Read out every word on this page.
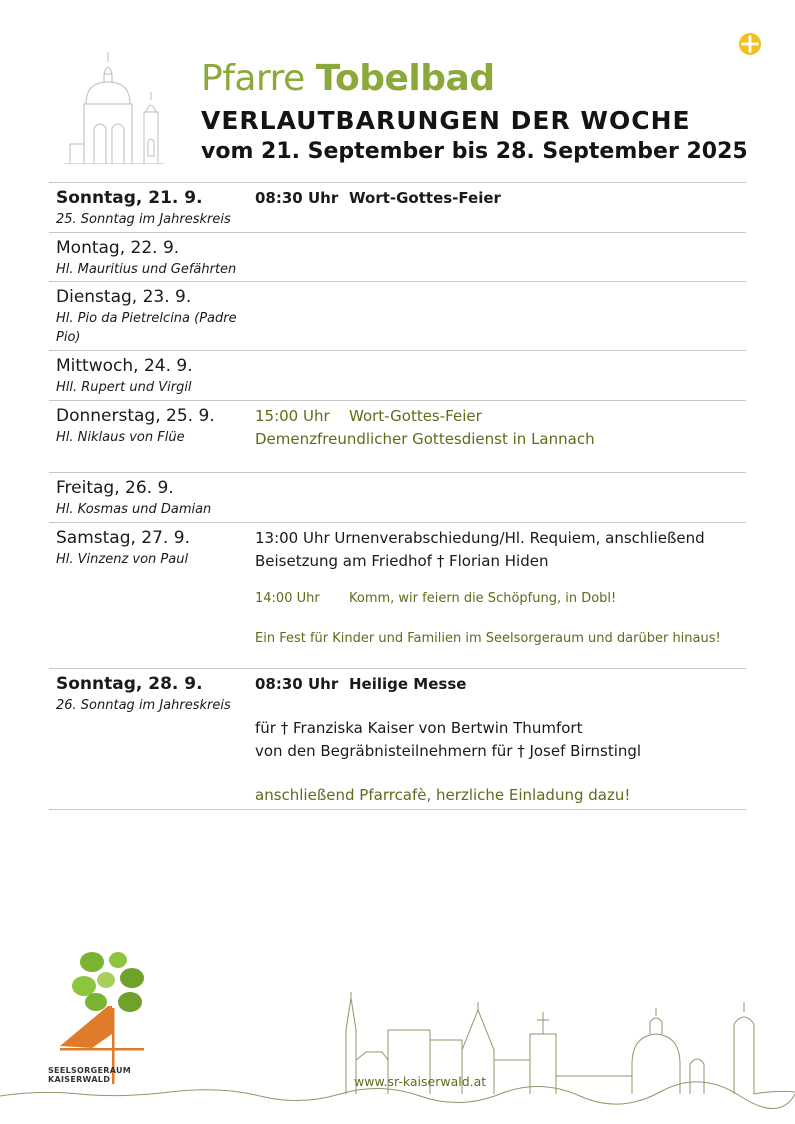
Pfarre Tobelbad
VERLAUTBARUNGEN DER WOCHE
vom 21. September bis 28. September 2025
Sonntag, 21. 9.
25. Sonntag im Jahreskreis
08:30 Uhr Wort-Gottes-Feier
Montag, 22. 9.
Hl. Mauritius und Gefährten
Dienstag, 23. 9.
Hl. Pio da Pietrelcina (Padre Pio)
Mittwoch, 24. 9.
Hll. Rupert und Virgil
Donnerstag, 25. 9.
Hl. Niklaus von Flüe
15:00 Uhr Wort-Gottes-Feier
Demenzfreundlicher Gottesdienst in Lannach
Freitag, 26. 9.
Hl. Kosmas und Damian
Samstag, 27. 9.
Hl. Vinzenz von Paul
13:00 Uhr Urnenverabschiedung/Hl. Requiem, anschließend
Beisetzung am Friedhof † Florian Hiden
14:00 Uhr Komm, wir feiern die Schöpfung, in Dobl!
Ein Fest für Kinder und Familien im Seelsorgeraum und darüber hinaus!
Sonntag, 28. 9.
26. Sonntag im Jahreskreis
08:30 Uhr Heilige Messe
für † Franziska Kaiser von Bertwin Thumfort
von den Begräbnisteilnehmern für † Josef Birnstingl
anschließend Pfarrcafè, herzliche Einladung dazu!
SEELSORGERAUM
KAISERWALD	www.sr-kaiserwald.at
